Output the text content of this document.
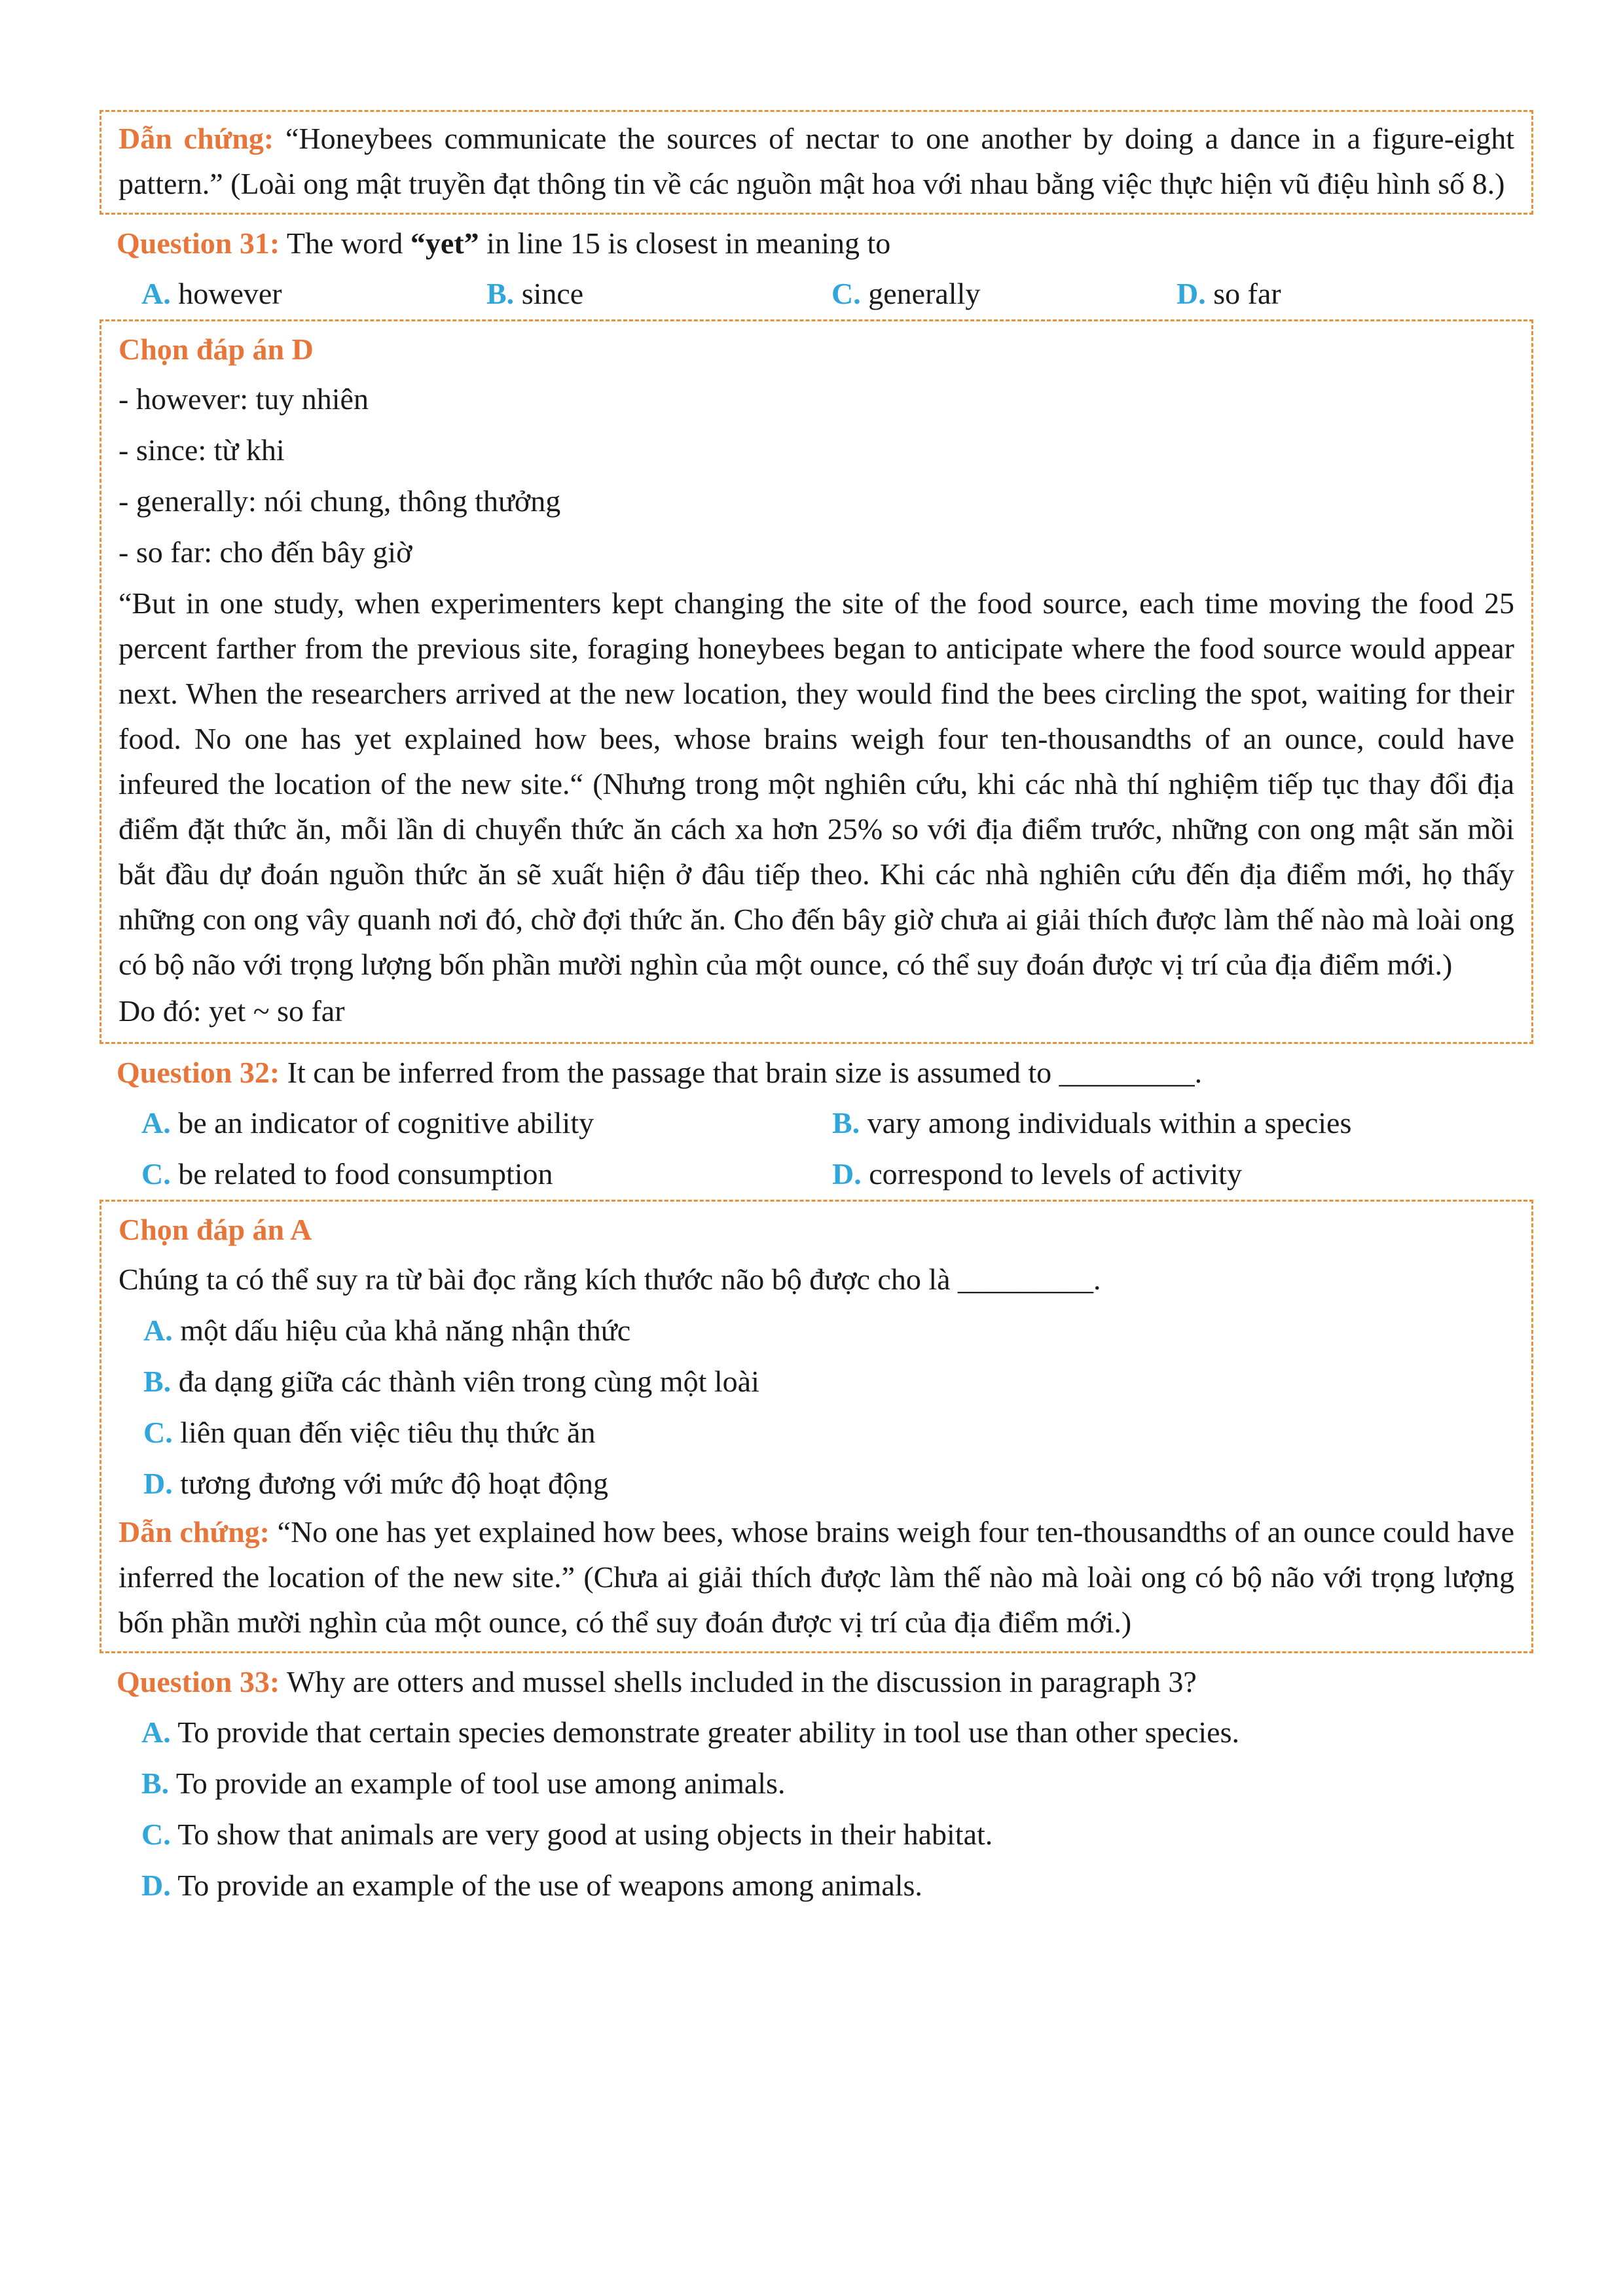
Dẫn chứng: “Honeybees communicate the sources of nectar to one another by doing a dance in a figure-eight pattern.” (Loài ong mật truyền đạt thông tin về các nguồn mật hoa với nhau bằng việc thực hiện vũ điệu hình số 8.)

Question 31: The word “yet” in line 15 is closest in meaning to
A. however	B. since	C. generally	D. so far
Chọn đáp án D
- however: tuy nhiên
- since: từ khi
- generally: nói chung, thông thưởng
- so far: cho đến bây giờ

“But in one study, when experimenters kept changing the site of the food source, each time moving the food 25 percent farther from the previous site, foraging honeybees began to anticipate where the food source would appear next. When the researchers arrived at the new location, they would find the bees circling the spot, waiting for their food. No one has yet explained how bees, whose brains weigh four ten-thousandths of an ounce, could have infeured the location of the new site.“ (Nhưng trong một nghiên cứu, khi các nhà thí nghiệm tiếp tục thay đổi địa điểm đặt thức ăn, mỗi lần di chuyển thức ăn cách xa hơn 25% so với địa điểm trước, những con ong mật săn mồi bắt đầu dự đoán nguồn thức ăn sẽ xuất hiện ở đâu tiếp theo. Khi các nhà nghiên cứu đến địa điểm mới, họ thấy những con ong vây quanh nơi đó, chờ đợi thức ăn. Cho đến bây giờ chưa ai giải thích được làm thế nào mà loài ong có bộ não với trọng lượng bốn phần mười nghìn của một ounce, có thể suy đoán được vị trí của địa điểm mới.)

Do đó: yet ~ so far
Question 32: It can be inferred from the passage that brain size is assumed to _________.
A. be an indicator of cognitive ability	B. vary among individuals within a species
C. be related to food consumption	D. correspond to levels of activity
Chọn đáp án A
Chúng ta có thể suy ra từ bài đọc rằng kích thước não bộ được cho là _________.
A. một dấu hiệu của khả năng nhận thức
B. đa dạng giữa các thành viên trong cùng một loài
C. liên quan đến việc tiêu thụ thức ăn
D. tương đương với mức độ hoạt động

Dẫn chứng: “No one has yet explained how bees, whose brains weigh four ten-thousandths of an ounce could have inferred the location of the new site.” (Chưa ai giải thích được làm thế nào mà loài ong có bộ não với trọng lượng bốn phần mười nghìn của một ounce, có thể suy đoán được vị trí của địa điểm mới.)

Question 33: Why are otters and mussel shells included in the discussion in paragraph 3?
A. To provide that certain species demonstrate greater ability in tool use than other species.
B. To provide an example of tool use among animals.
C. To show that animals are very good at using objects in their habitat.
D. To provide an example of the use of weapons among animals.
